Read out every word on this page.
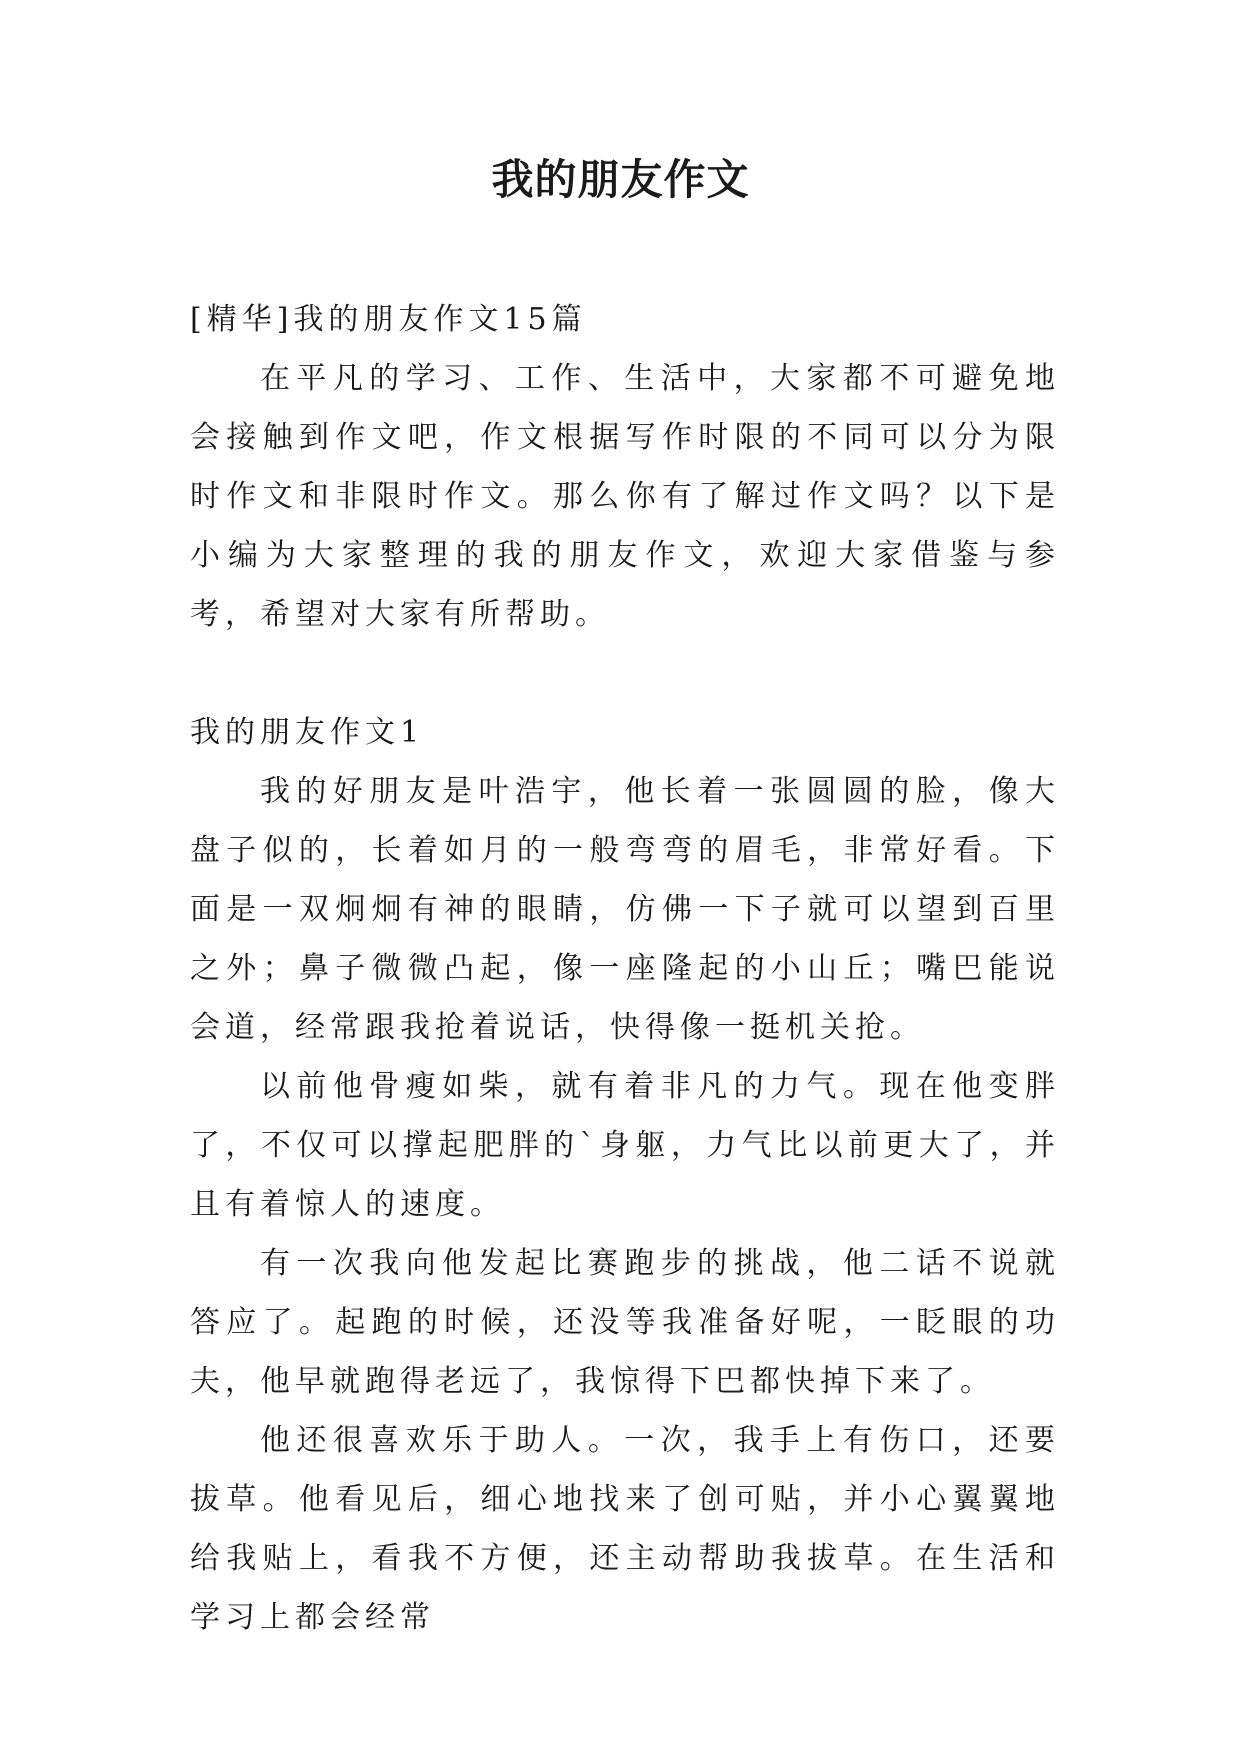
我的朋友作文

[精华]我的朋友作文15篇

在平凡的学习、工作、生活中，大家都不可避免地会接触到作文吧，作文根据写作时限的不同可以分为限时作文和非限时作文。那么你有了解过作文吗？以下是小编为大家整理的我的朋友作文，欢迎大家借鉴与参考，希望对大家有所帮助。

我的朋友作文1

我的好朋友是叶浩宇，他长着一张圆圆的脸，像大盘子似的，长着如月的一般弯弯的眉毛，非常好看。下面是一双炯炯有神的眼睛，仿佛一下子就可以望到百里之外；鼻子微微凸起，像一座隆起的小山丘；嘴巴能说会道，经常跟我抢着说话，快得像一挺机关抢。

以前他骨瘦如柴，就有着非凡的力气。现在他变胖了，不仅可以撑起肥胖的`身躯，力气比以前更大了，并且有着惊人的速度。

有一次我向他发起比赛跑步的挑战，他二话不说就答应了。起跑的时候，还没等我准备好呢，一眨眼的功夫，他早就跑得老远了，我惊得下巴都快掉下来了。

他还很喜欢乐于助人。一次，我手上有伤口，还要拔草。他看见后，细心地找来了创可贴，并小心翼翼地给我贴上，看我不方便，还主动帮助我拔草。在生活和学习上都会经常
